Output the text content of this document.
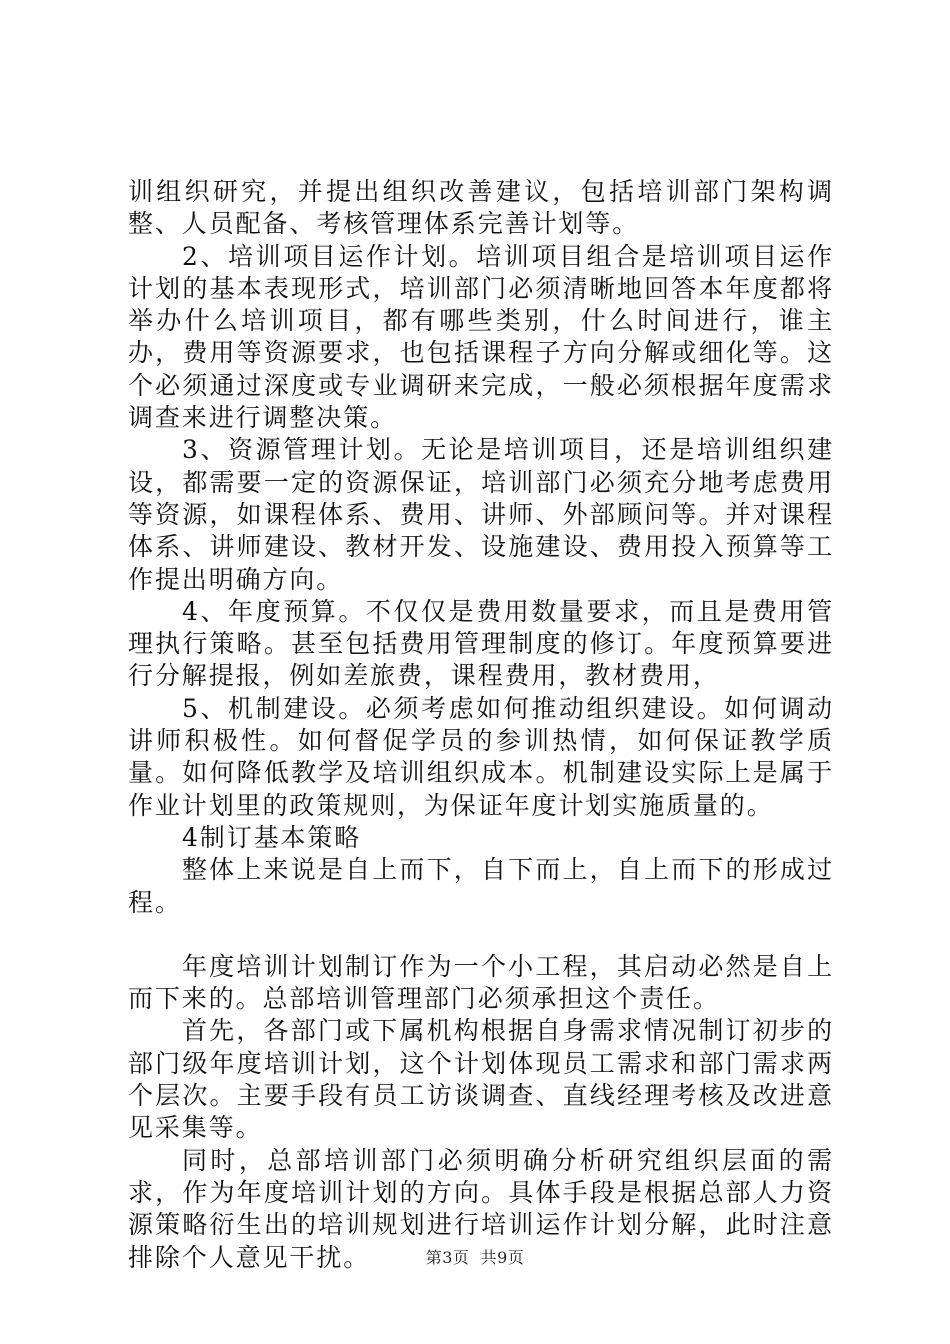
训组织研究，并提出组织改善建议，包括培训部门架构调整、人员配备、考核管理体系完善计划等。

2、培训项目运作计划。培训项目组合是培训项目运作计划的基本表现形式，培训部门必须清晰地回答本年度都将举办什么培训项目，都有哪些类别，什么时间进行，谁主办，费用等资源要求，也包括课程子方向分解或细化等。这个必须通过深度或专业调研来完成，一般必须根据年度需求调查来进行调整决策。

3、资源管理计划。无论是培训项目，还是培训组织建设，都需要一定的资源保证，培训部门必须充分地考虑费用等资源，如课程体系、费用、讲师、外部顾问等。并对课程体系、讲师建设、教材开发、设施建设、费用投入预算等工作提出明确方向。

4、年度预算。不仅仅是费用数量要求，而且是费用管理执行策略。甚至包括费用管理制度的修订。年度预算要进行分解提报，例如差旅费，课程费用，教材费用，

5、机制建设。必须考虑如何推动组织建设。如何调动讲师积极性。如何督促学员的参训热情，如何保证教学质量。如何降低教学及培训组织成本。机制建设实际上是属于作业计划里的政策规则，为保证年度计划实施质量的。

4制订基本策略

整体上来说是自上而下，自下而上，自上而下的形成过程。

年度培训计划制订作为一个小工程，其启动必然是自上而下来的。总部培训管理部门必须承担这个责任。

首先，各部门或下属机构根据自身需求情况制订初步的部门级年度培训计划，这个计划体现员工需求和部门需求两个层次。主要手段有员工访谈调查、直线经理考核及改进意见采集等。

同时，总部培训部门必须明确分析研究组织层面的需求，作为年度培训计划的方向。具体手段是根据总部人力资源策略衍生出的培训规划进行培训运作计划分解，此时注意排除个人意见干扰。	第3页  共9页
